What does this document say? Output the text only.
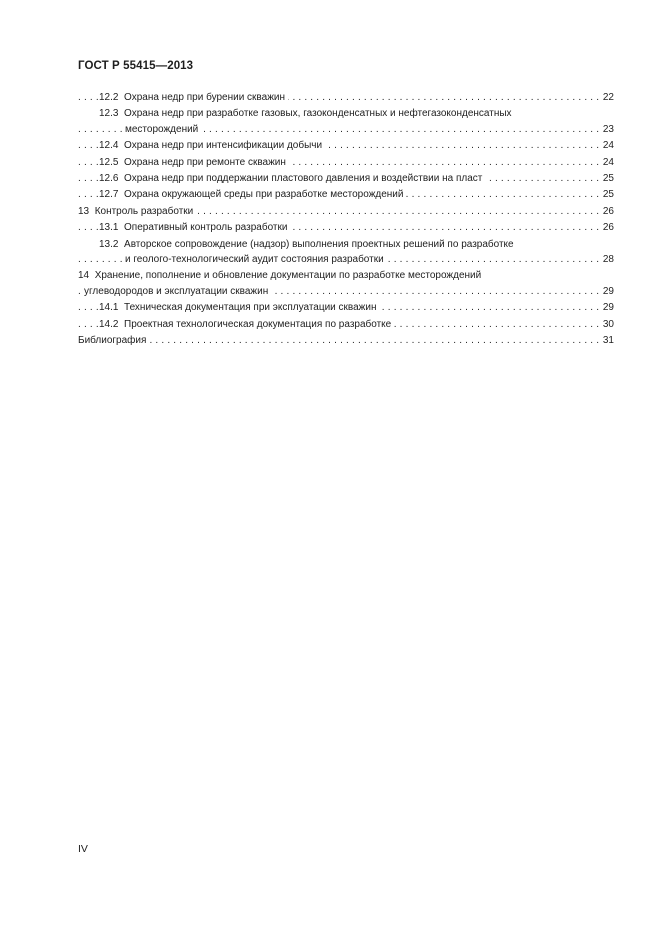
ГОСТ Р 55415—2013
. . . 12.2 Охрана недр при бурении скважин	22
12.3 Охрана недр при разработке газовых, газоконденсатных и нефтегазоконденсатных
. . . месторождений	23
. . . 12.4 Охрана недр при интенсификации добычи	24
. . . 12.5 Охрана недр при ремонте скважин	24
. . . 12.6 Охрана недр при поддержании пластового давления и воздействии на пласт	25
. . . 12.7 Охрана окружающей среды при разработке месторождений	25
. . . 13 Контроль разработки	26
. . . 13.1 Оперативный контроль разработки	26
13.2 Авторское сопровождение (надзор) выполнения проектных решений по разработке
. . . и геолого-технологический аудит состояния разработки	28
14 Хранение, пополнение и обновление документации по разработке месторождений
. . . углеводородов и эксплуатации скважин	29
. . . 14.1 Техническая документация при эксплуатации скважин	29
. . . 14.2 Проектная технологическая документация по разработке	30
. . . Библиография	31
IV
